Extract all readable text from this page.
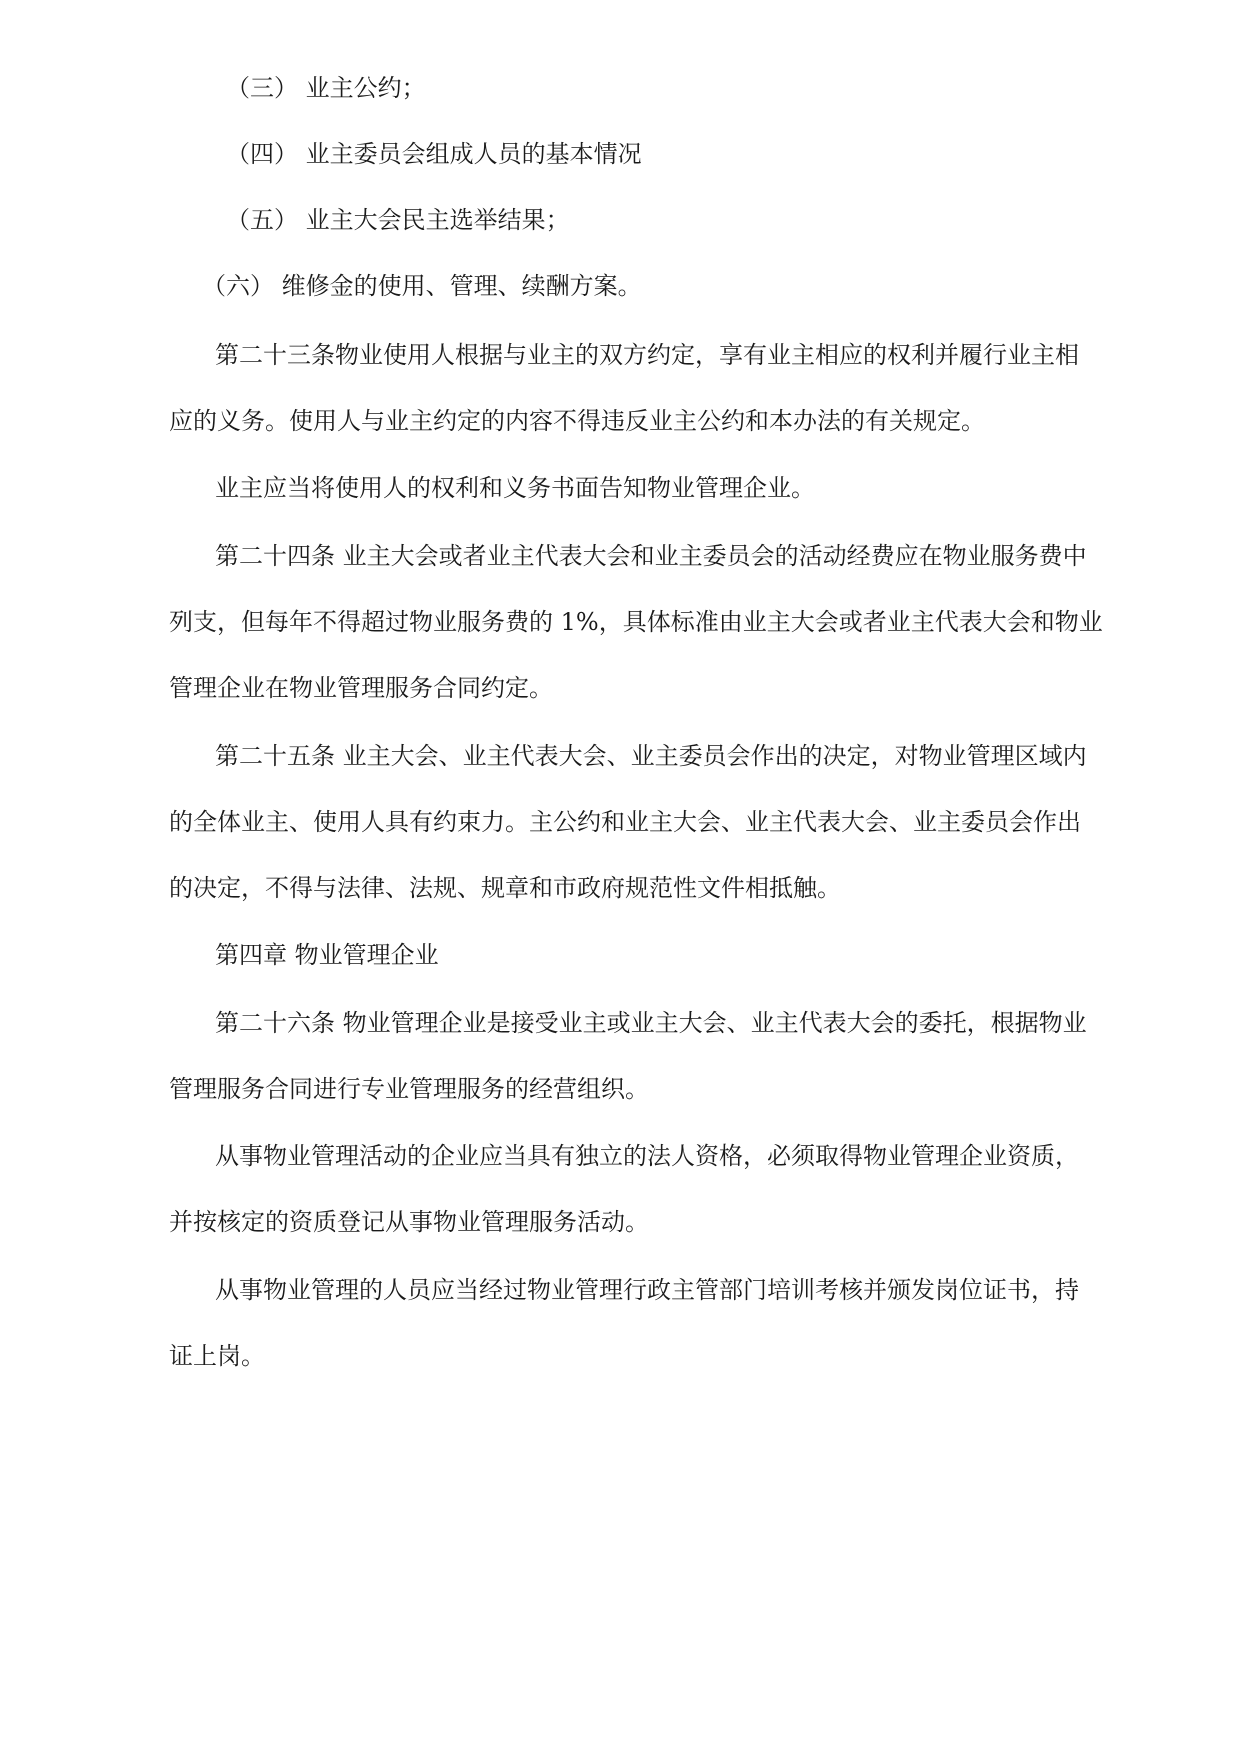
（三） 业主公约；

（四） 业主委员会组成人员的基本情况

（五） 业主大会民主选举结果；

（六） 维修金的使用、管理、续酬方案。

第二十三条物业使用人根据与业主的双方约定，享有业主相应的权利并履行业主相

应的义务。使用人与业主约定的内容不得违反业主公约和本办法的有关规定。

业主应当将使用人的权利和义务书面告知物业管理企业。

第二十四条 业主大会或者业主代表大会和业主委员会的活动经费应在物业服务费中

列支，但每年不得超过物业服务费的 1%，具体标准由业主大会或者业主代表大会和物业

管理企业在物业管理服务合同约定。

第二十五条 业主大会、业主代表大会、业主委员会作出的决定，对物业管理区域内

的全体业主、使用人具有约束力。主公约和业主大会、业主代表大会、业主委员会作出

的决定，不得与法律、法规、规章和市政府规范性文件相抵触。

第四章 物业管理企业

第二十六条 物业管理企业是接受业主或业主大会、业主代表大会的委托，根据物业

管理服务合同进行专业管理服务的经营组织。

从事物业管理活动的企业应当具有独立的法人资格，必须取得物业管理企业资质，

并按核定的资质登记从事物业管理服务活动。

从事物业管理的人员应当经过物业管理行政主管部门培训考核并颁发岗位证书，持

证上岗。
